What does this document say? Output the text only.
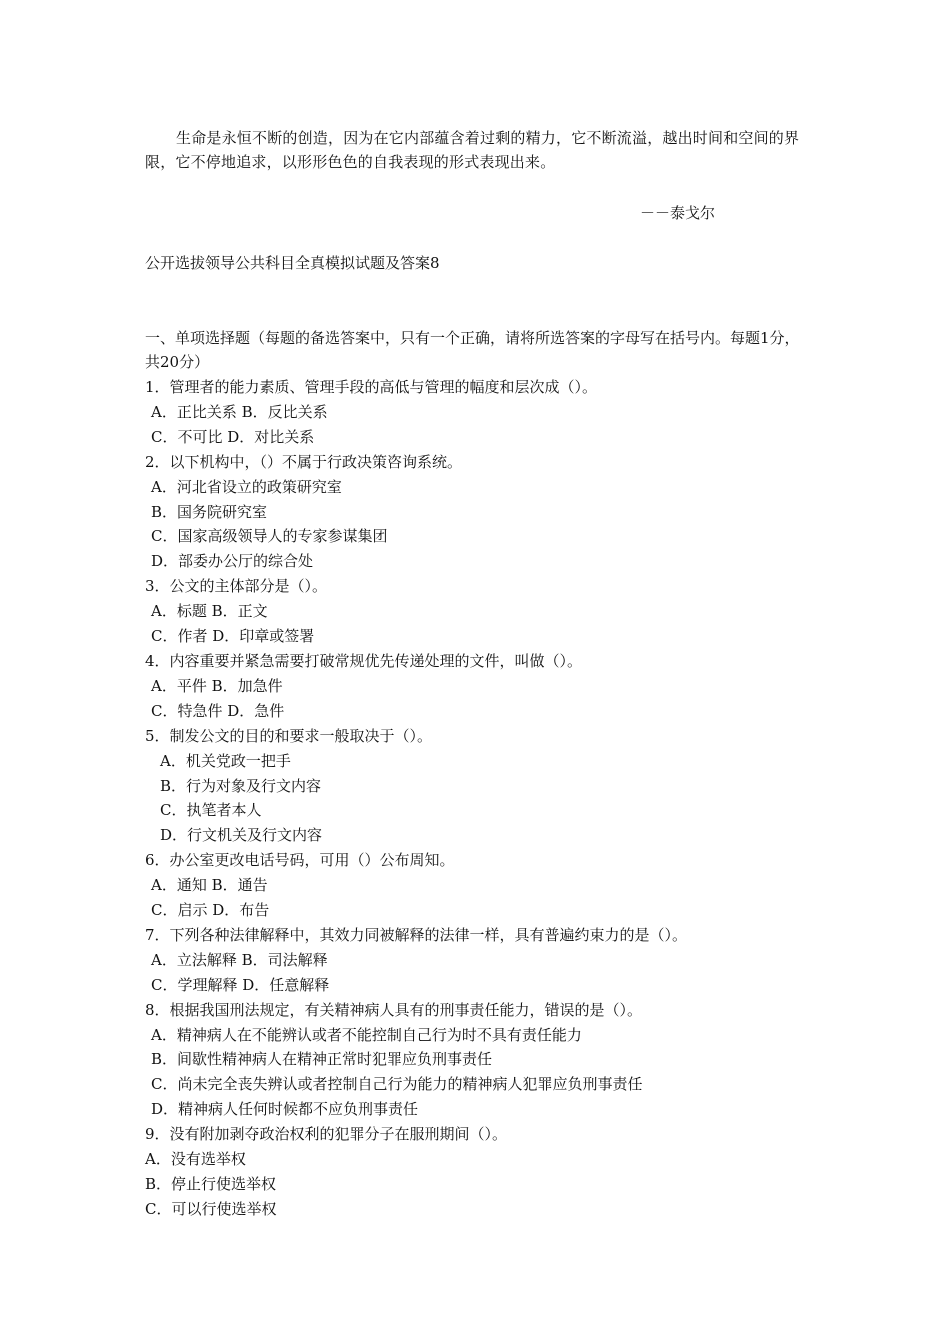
生命是永恒不断的创造，因为在它内部蕴含着过剩的精力，它不断流溢，越出时间和空间的界限，它不停地追求，以形形色色的自我表现的形式表现出来。

－－泰戈尔
公开选拔领导公共科目全真模拟试题及答案8

一、单项选择题（每题的备选答案中，只有一个正确，请将所选答案的字母写在括号内。每题1分，共20分）

1．管理者的能力素质、管理手段的高低与管理的幅度和层次成（）。

A．正比关系 B．反比关系

C．不可比 D．对比关系

2．以下机构中，（）不属于行政决策咨询系统。

A．河北省设立的政策研究室

B．国务院研究室

C．国家高级领导人的专家参谋集团

D．部委办公厅的综合处

3．公文的主体部分是（）。

A．标题 B．正文

C．作者 D．印章或签署

4．内容重要并紧急需要打破常规优先传递处理的文件，叫做（）。

A．平件 B．加急件

C．特急件 D．急件

5．制发公文的目的和要求一般取决于（）。

A．机关党政一把手

B．行为对象及行文内容

C．执笔者本人

D．行文机关及行文内容

6．办公室更改电话号码，可用（）公布周知。

A．通知 B．通告

C．启示 D．布告

7．下列各种法律解释中，其效力同被解释的法律一样，具有普遍约束力的是（）。

A．立法解释 B．司法解释

C．学理解释 D．任意解释

8．根据我国刑法规定，有关精神病人具有的刑事责任能力，错误的是（）。

A．精神病人在不能辨认或者不能控制自己行为时不具有责任能力

B．间歇性精神病人在精神正常时犯罪应负刑事责任

C．尚未完全丧失辨认或者控制自己行为能力的精神病人犯罪应负刑事责任

D．精神病人任何时候都不应负刑事责任

9．没有附加剥夺政治权利的犯罪分子在服刑期间（）。

A．没有选举权

B．停止行使选举权

C．可以行使选举权
